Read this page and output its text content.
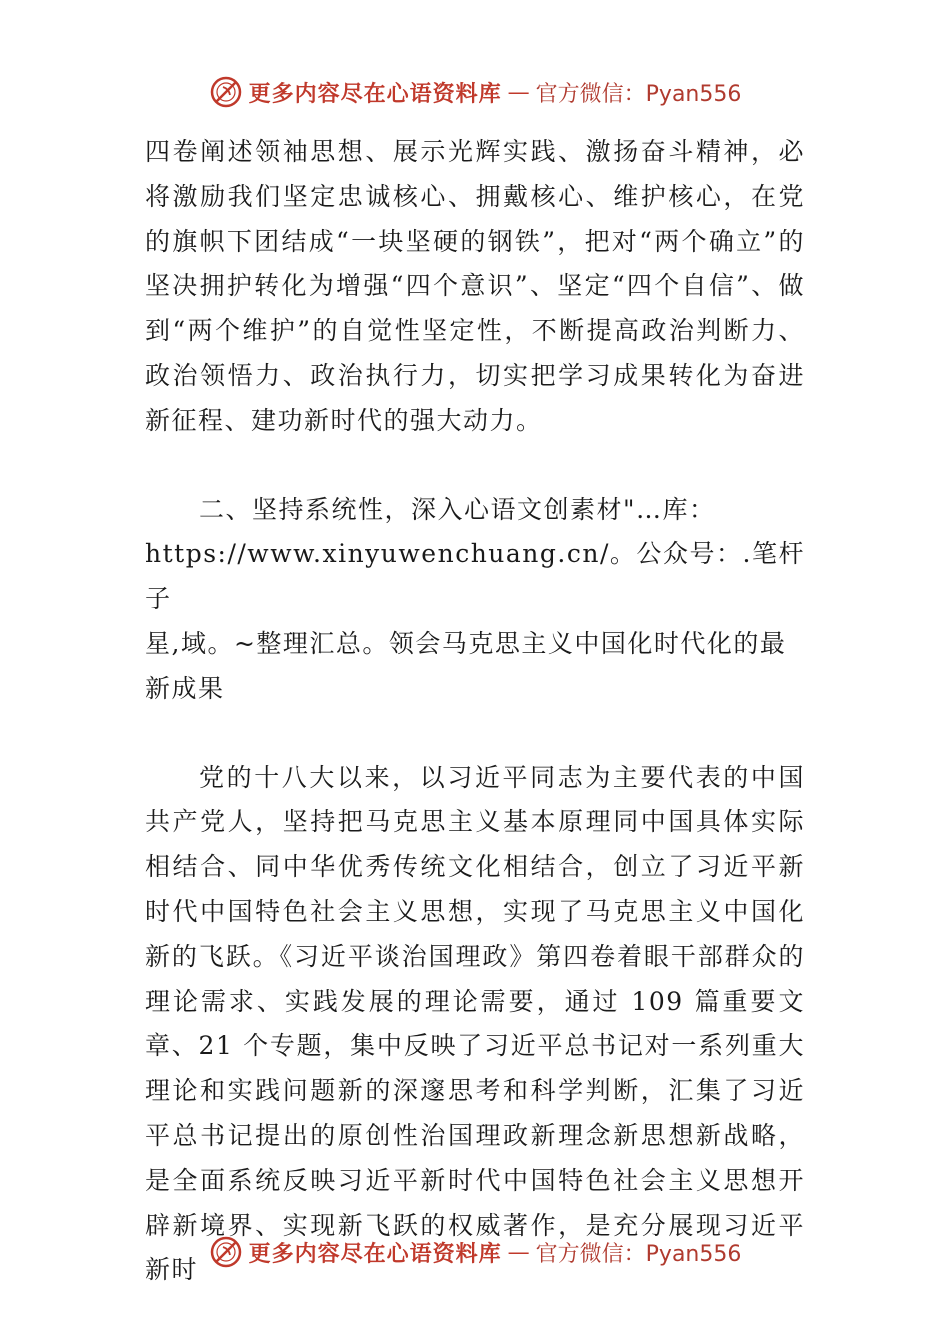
更多内容尽在心语资料库 — 官方微信：Pyan556

四卷阐述领袖思想、展示光辉实践、激扬奋斗精神，必将激励我们坚定忠诚核心、拥戴核心、维护核心，在党的旗帜下团结成“一块坚硬的钢铁”，把对“两个确立”的坚决拥护转化为增强“四个意识”、坚定“四个自信”、做到“两个维护”的自觉性坚定性，不断提高政治判断力、政治领悟力、政治执行力，切实把学习成果转化为奋进新征程、建功新时代的强大动力。

二、坚持系统性，深入心语文创素材"…库：
https://www.xinyuwenchuang.cn/。公众号：.笔杆子
星,域。~整理汇总。领会马克思主义中国化时代化的最
新成果

党的十八大以来，以习近平同志为主要代表的中国共产党人，坚持把马克思主义基本原理同中国具体实际相结合、同中华优秀传统文化相结合，创立了习近平新时代中国特色社会主义思想，实现了马克思主义中国化新的飞跃。《习近平谈治国理政》第四卷着眼干部群众的理论需求、实践发展的理论需要，通过 109 篇重要文章、21 个专题，集中反映了习近平总书记对一系列重大理论和实践问题新的深邃思考和科学判断，汇集了习近平总书记提出的原创性治国理政新理念新思想新战略，是全面系统反映习近平新时代中国特色社会主义思想开辟新境界、实现新飞跃的权威著作，是充分展现习近平新时

更多内容尽在心语资料库 — 官方微信：Pyan556
